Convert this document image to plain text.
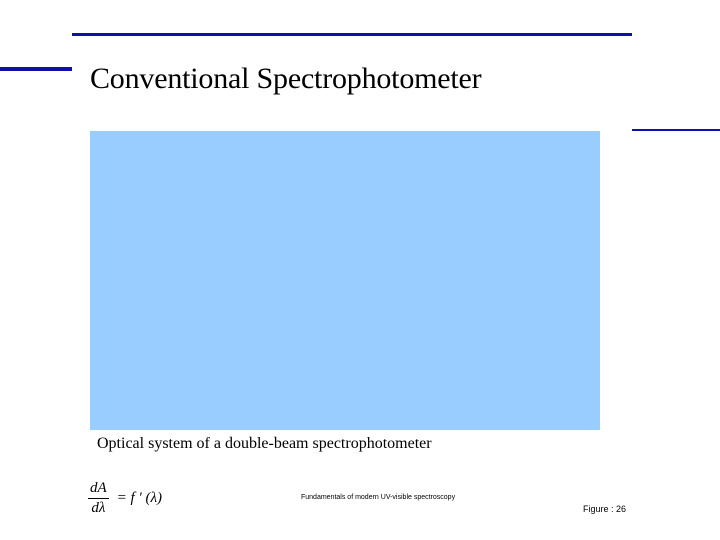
Conventional Spectrophotometer
Optical system of a double-beam spectrophotometer
$\frac{dA}{d\lambda} = f$ ′ (λ)	Fundamentals of modern UV-visible spectroscopy
Figure : 26
